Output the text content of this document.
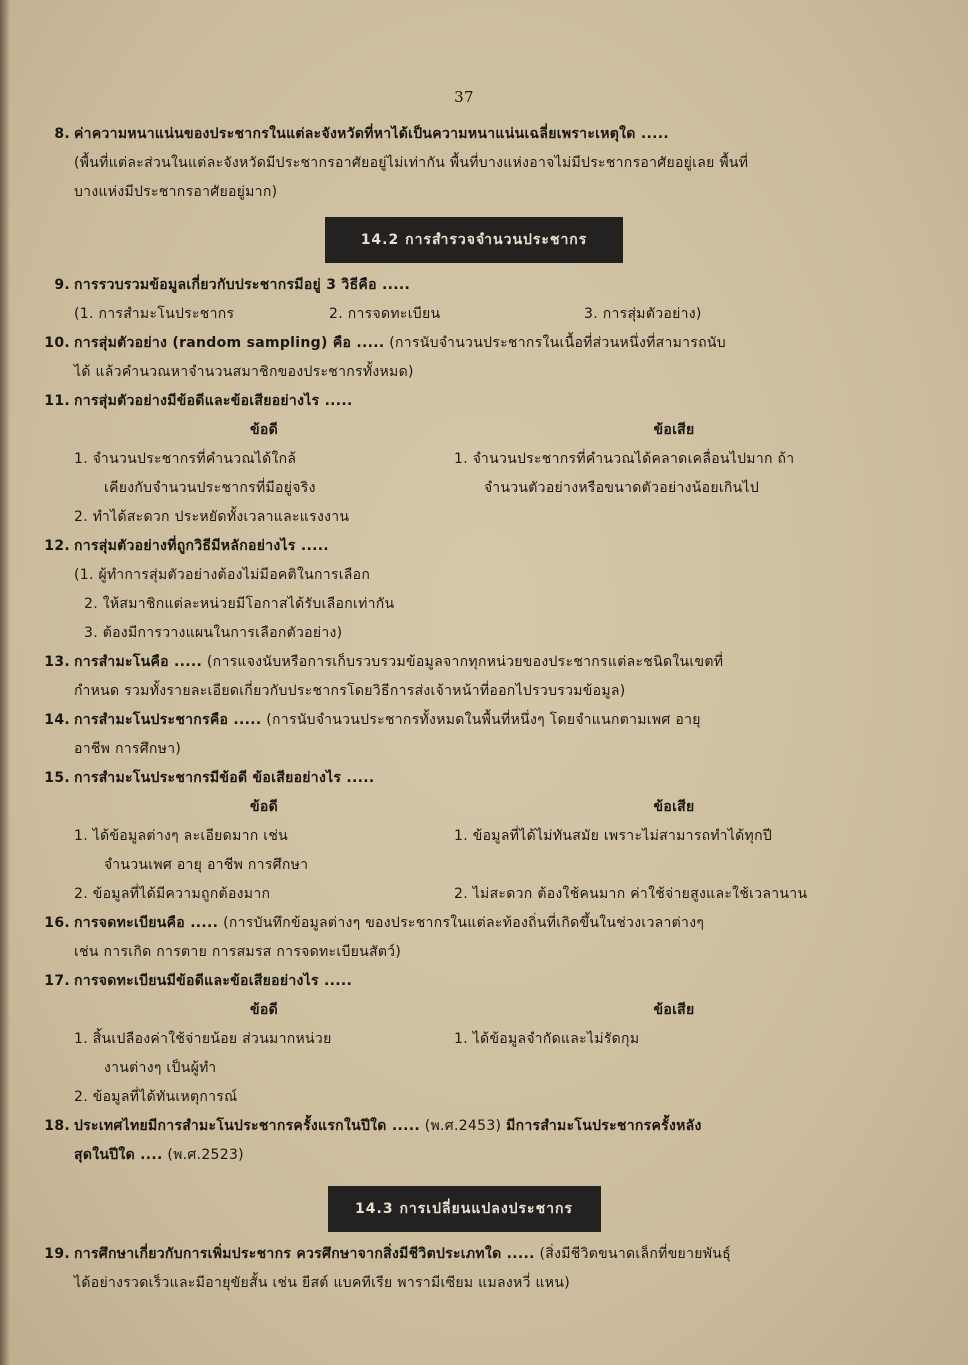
37
8. ค่าความหนาแน่นของประชากรในแต่ละจังหวัดที่หาได้เป็นความหนาแน่นเฉลี่ยเพราะเหตุใด .....
(พื้นที่แต่ละส่วนในแต่ละจังหวัดมีประชากรอาศัยอยู่ไม่เท่ากัน พื้นที่บางแห่งอาจไม่มีประชากรอาศัยอยู่เลย พื้นที่
บางแห่งมีประชากรอาศัยอยู่มาก)
14.2 การสำรวจจำนวนประชากร
9. การรวบรวมข้อมูลเกี่ยวกับประชากรมีอยู่ 3 วิธีคือ .....
(1. การสำมะโนประชากร	2. การจดทะเบียน	3. การสุ่มตัวอย่าง)
10. การสุ่มตัวอย่าง (random sampling) คือ ..... (การนับจำนวนประชากรในเนื้อที่ส่วนหนึ่งที่สามารถนับ
ได้ แล้วคำนวณหาจำนวนสมาชิกของประชากรทั้งหมด)
11. การสุ่มตัวอย่างมีข้อดีและข้อเสียอย่างไร .....
ข้อดี
1. จำนวนประชากรที่คำนวณได้ใกล้
เคียงกับจำนวนประชากรที่มีอยู่จริง
ข้อเสีย
1. จำนวนประชากรที่คำนวณได้คลาดเคลื่อนไปมาก ถ้า
จำนวนตัวอย่างหรือขนาดตัวอย่างน้อยเกินไป
2. ทำได้สะดวก ประหยัดทั้งเวลาและแรงงาน
12. การสุ่มตัวอย่างที่ถูกวิธีมีหลักอย่างไร .....
(1. ผู้ทำการสุ่มตัวอย่างต้องไม่มีอคติในการเลือก
2. ให้สมาชิกแต่ละหน่วยมีโอกาสได้รับเลือกเท่ากัน
3. ต้องมีการวางแผนในการเลือกตัวอย่าง)
13. การสำมะโนคือ ..... (การแจงนับหรือการเก็บรวบรวมข้อมูลจากทุกหน่วยของประชากรแต่ละชนิดในเขตที่
กำหนด รวมทั้งรายละเอียดเกี่ยวกับประชากรโดยวิธีการส่งเจ้าหน้าที่ออกไปรวบรวมข้อมูล)
14. การสำมะโนประชากรคือ ..... (การนับจำนวนประชากรทั้งหมดในพื้นที่หนึ่งๆ โดยจำแนกตามเพศ อายุ
อาชีพ การศึกษา)
15. การสำมะโนประชากรมีข้อดี ข้อเสียอย่างไร .....
ข้อดี
1. ได้ข้อมูลต่างๆ ละเอียดมาก เช่น
จำนวนเพศ อายุ อาชีพ การศึกษา
2. ข้อมูลที่ได้มีความถูกต้องมาก
ข้อเสีย
1. ข้อมูลที่ได้ไม่ทันสมัย เพราะไม่สามารถทำได้ทุกปี

2. ไม่สะดวก ต้องใช้คนมาก ค่าใช้จ่ายสูงและใช้เวลานาน
16. การจดทะเบียนคือ ..... (การบันทึกข้อมูลต่างๆ ของประชากรในแต่ละท้องถิ่นที่เกิดขึ้นในช่วงเวลาต่างๆ
เช่น การเกิด การตาย การสมรส การจดทะเบียนสัตว์)
17. การจดทะเบียนมีข้อดีและข้อเสียอย่างไร .....
ข้อดี
1. สิ้นเปลืองค่าใช้จ่ายน้อย ส่วนมากหน่วย
งานต่างๆ เป็นผู้ทำ
2. ข้อมูลที่ได้ทันเหตุการณ์
ข้อเสีย
1. ได้ข้อมูลจำกัดและไม่รัดกุม
18. ประเทศไทยมีการสำมะโนประชากรครั้งแรกในปีใด ..... (พ.ศ.2453) มีการสำมะโนประชากรครั้งหลัง
สุดในปีใด .... (พ.ศ.2523)
14.3 การเปลี่ยนแปลงประชากร
19. การศึกษาเกี่ยวกับการเพิ่มประชากร ควรศึกษาจากสิ่งมีชีวิตประเภทใด ..... (สิ่งมีชีวิตขนาดเล็กที่ขยายพันธุ์
ได้อย่างรวดเร็วและมีอายุขัยสั้น เช่น ยีสต์ แบคทีเรีย พารามีเซียม แมลงหวี่ แหน)
